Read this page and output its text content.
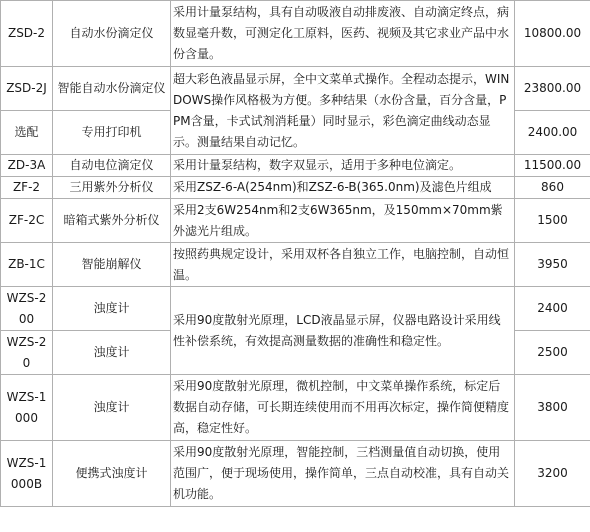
ZSD-2	自动水份滴定仪	采用计量泵结构，具有自动吸液自动排废液、自动滴定终点，病数显毫升数，可测定化工原料，医药、视频及其它求业产品中水份含量。	10800.00
ZSD-2J	智能自动水份滴定仪	超大彩色液晶显示屏，全中文菜单式操作。全程动态提示，WINDOWS操作风格极为方便。多种结果（水份含量，百分含量，PPM含量，卡式试剂消耗量）同时显示，彩色滴定曲线动态显示。测量结果自动记忆。	23800.00
选配	专用打印机		2400.00
ZD-3A	自动电位滴定仪	采用计量泵结构，数字双显示，适用于多种电位滴定。	11500.00
ZF-2	三用紫外分析仪	采用ZSZ-6-A(254nm)和ZSZ-6-B(365.0nm)及滤色片组成	860
ZF-2C	暗箱式紫外分析仪	采用2支6W254nm和2支6W365nm，及150mm×70mm紫外滤光片组成。	1500
ZB-1C	智能崩解仪	按照药典规定设计，采用双杯各自独立工作，电脑控制，自动恒温。	3950
WZS-200	浊度计	采用90度散射光原理，LCD液晶显示屏，仪器电路设计采用线性补偿系统，有效提高测量数据的准确性和稳定性。	2400
WZS-20	浊度计		2500
WZS-1000	浊度计	采用90度散射光原理，微机控制，中文菜单操作系统，标定后数据自动存储，可长期连续使用而不用再次标定，操作简便精度高，稳定性好。	3800
WZS-1000B	便携式浊度计	采用90度散射光原理，智能控制，三档测量值自动切换，使用范围广，便于现场使用，操作简单，三点自动校准，具有自动关机功能。	3200
